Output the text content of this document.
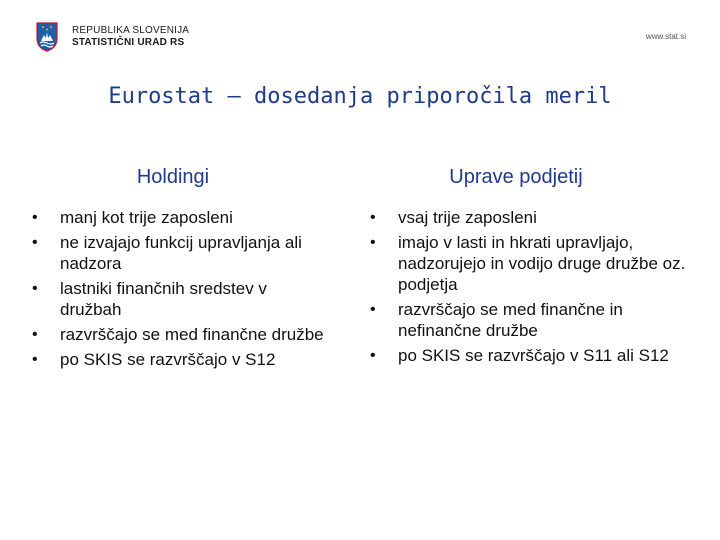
REPUBLIKA SLOVENIJA
STATISTIČNI URAD RS
www.stat.si
Eurostat – dosedanja priporočila meril
Holdingi
• manj kot trije zaposleni
• ne izvajajo funkcij upravljanja ali nadzora
• lastniki finančnih sredstev v družbah
• razvrščajo se med finančne družbe
• po SKIS se razvrščajo v S12
Uprave podjetij
• vsaj trije zaposleni
• imajo v lasti in hkrati upravljajo, nadzorujejo in vodijo druge družbe oz. podjetja
• razvrščajo se med finančne in nefinančne družbe
• po SKIS se razvrščajo v S11 ali S12
